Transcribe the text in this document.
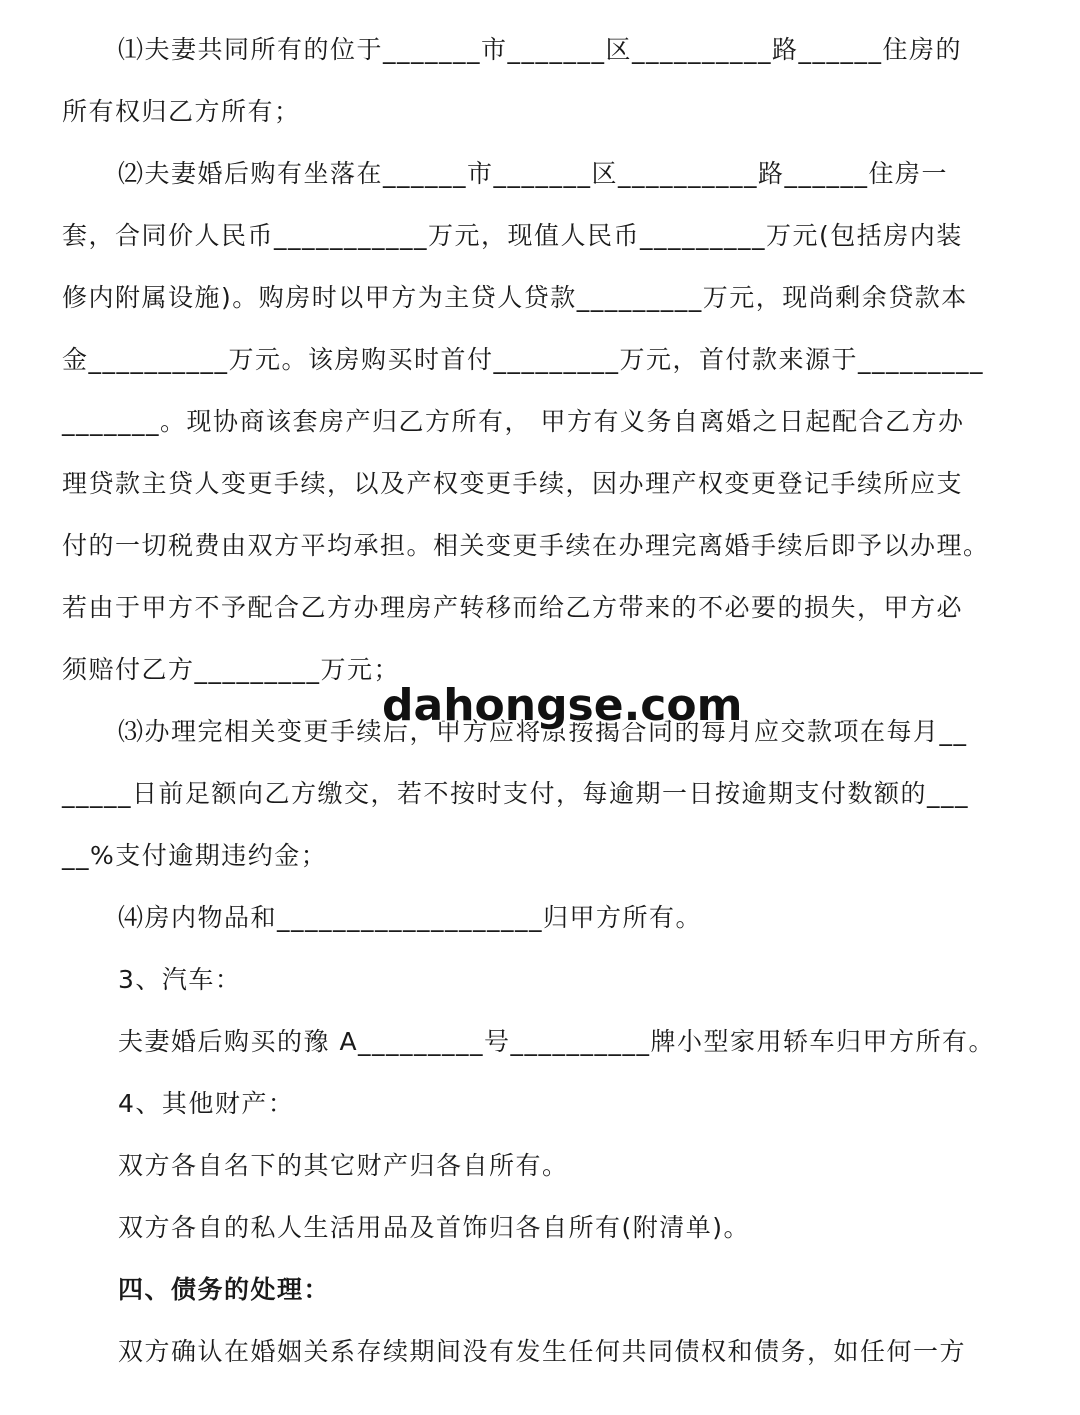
⑴夫妻共同所有的位于_______市_______区__________路______住房的
所有权归乙方所有；
⑵夫妻婚后购有坐落在______市_______区__________路______住房一
套，合同价人民币___________万元，现值人民币_________万元(包括房内装
修内附属设施)。购房时以甲方为主贷人贷款_________万元，现尚剩余贷款本
金__________万元。该房购买时首付_________万元，首付款来源于_________
_______。现协商该套房产归乙方所有， 甲方有义务自离婚之日起配合乙方办
理贷款主贷人变更手续，以及产权变更手续，因办理产权变更登记手续所应支
付的一切税费由双方平均承担。相关变更手续在办理完离婚手续后即予以办理。
若由于甲方不予配合乙方办理房产转移而给乙方带来的不必要的损失，甲方必
须赔付乙方_________万元；
⑶办理完相关变更手续后，甲方应将原按揭合同的每月应交款项在每月__
_____日前足额向乙方缴交，若不按时支付，每逾期一日按逾期支付数额的___
__%支付逾期违约金；
⑷房内物品和___________________归甲方所有。
3、汽车：
夫妻婚后购买的豫 A_________号__________牌小型家用轿车归甲方所有。
4、其他财产：
双方各自名下的其它财产归各自所有。
双方各自的私人生活用品及首饰归各自所有(附清单)。
四、债务的处理：
双方确认在婚姻关系存续期间没有发生任何共同债权和债务，如任何一方
dahongse.com
